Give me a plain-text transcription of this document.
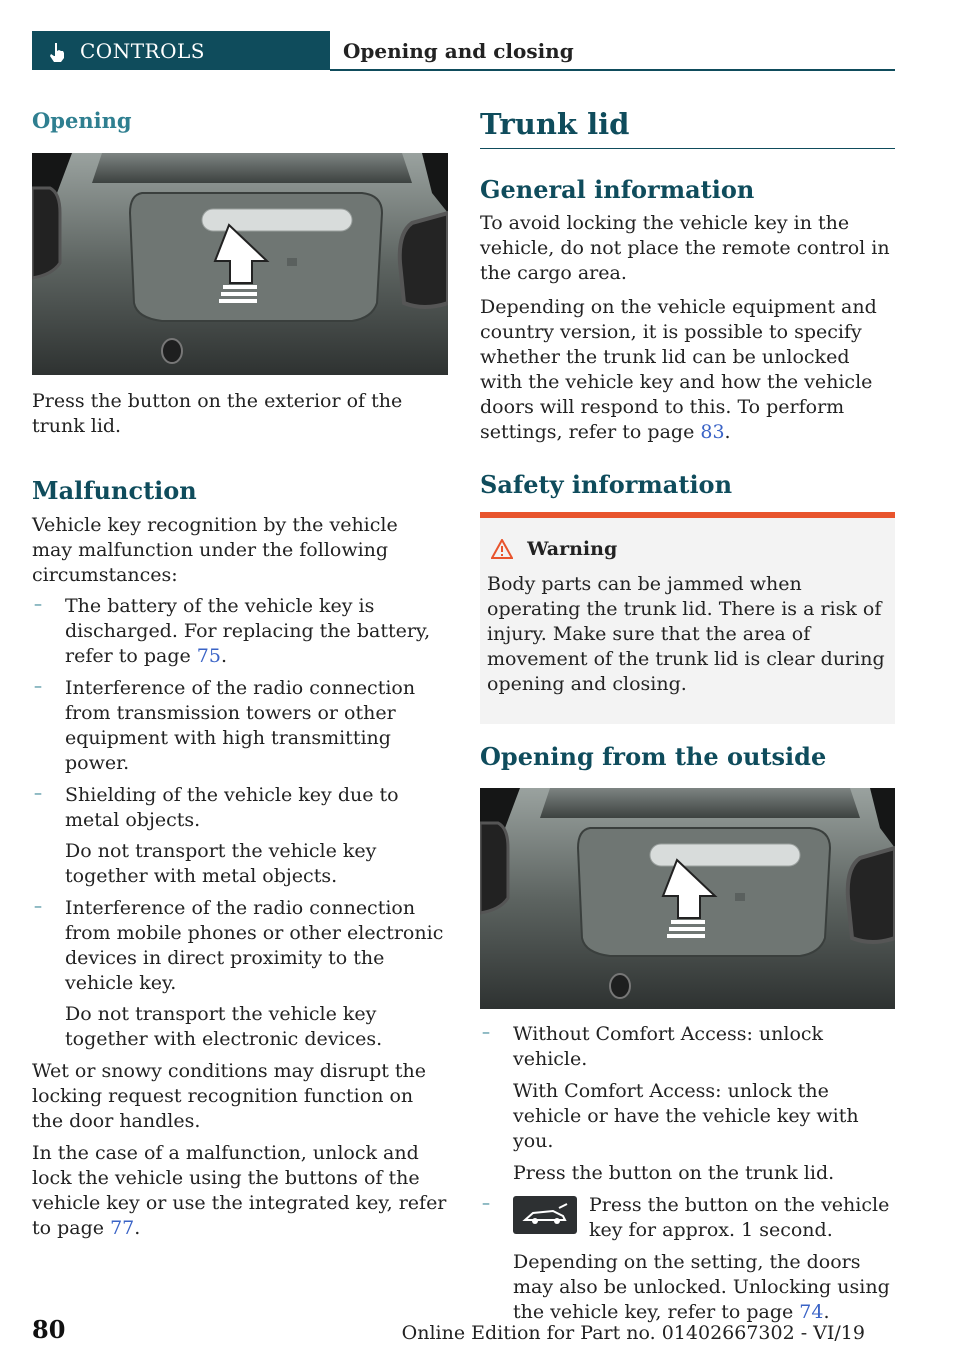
CONTROLS	Opening and closing
Opening

Press the button on the exterior of the trunk lid.

Malfunction

Vehicle key recognition by the vehicle may malfunction under the following circumstances:

– The battery of the vehicle key is discharged. For replacing the battery, refer to page 75.

– Interference of the radio connection from transmission towers or other equipment with high transmitting power.

– Shielding of the vehicle key due to metal objects.

Do not transport the vehicle key together with metal objects.

– Interference of the radio connection from mobile phones or other electronic devices in direct proximity to the vehicle key.

Do not transport the vehicle key together with electronic devices.

Wet or snowy conditions may disrupt the locking request recognition function on the door handles.

In the case of a malfunction, unlock and lock the vehicle using the buttons of the vehicle key or use the integrated key, refer to page 77.

Trunk lid
General information

To avoid locking the vehicle key in the vehicle, do not place the remote control in the cargo area.

Depending on the vehicle equipment and country version, it is possible to specify whether the trunk lid can be unlocked with the vehicle key and how the vehicle doors will respond to this. To perform settings, refer to page 83.

Safety information
Warning

Body parts can be jammed when operating the trunk lid. There is a risk of injury. Make sure that the area of movement of the trunk lid is clear during opening and closing.

Opening from the outside
– Without Comfort Access: unlock vehicle.

With Comfort Access: unlock the vehicle or have the vehicle key with you.

Press the button on the trunk lid.

–	Press the button on the vehicle key for approx. 1 second.

Depending on the setting, the doors may also be unlocked. Unlocking using the vehicle key, refer to page 74.

80	Online Edition for Part no. 01402667302 - VI/19
